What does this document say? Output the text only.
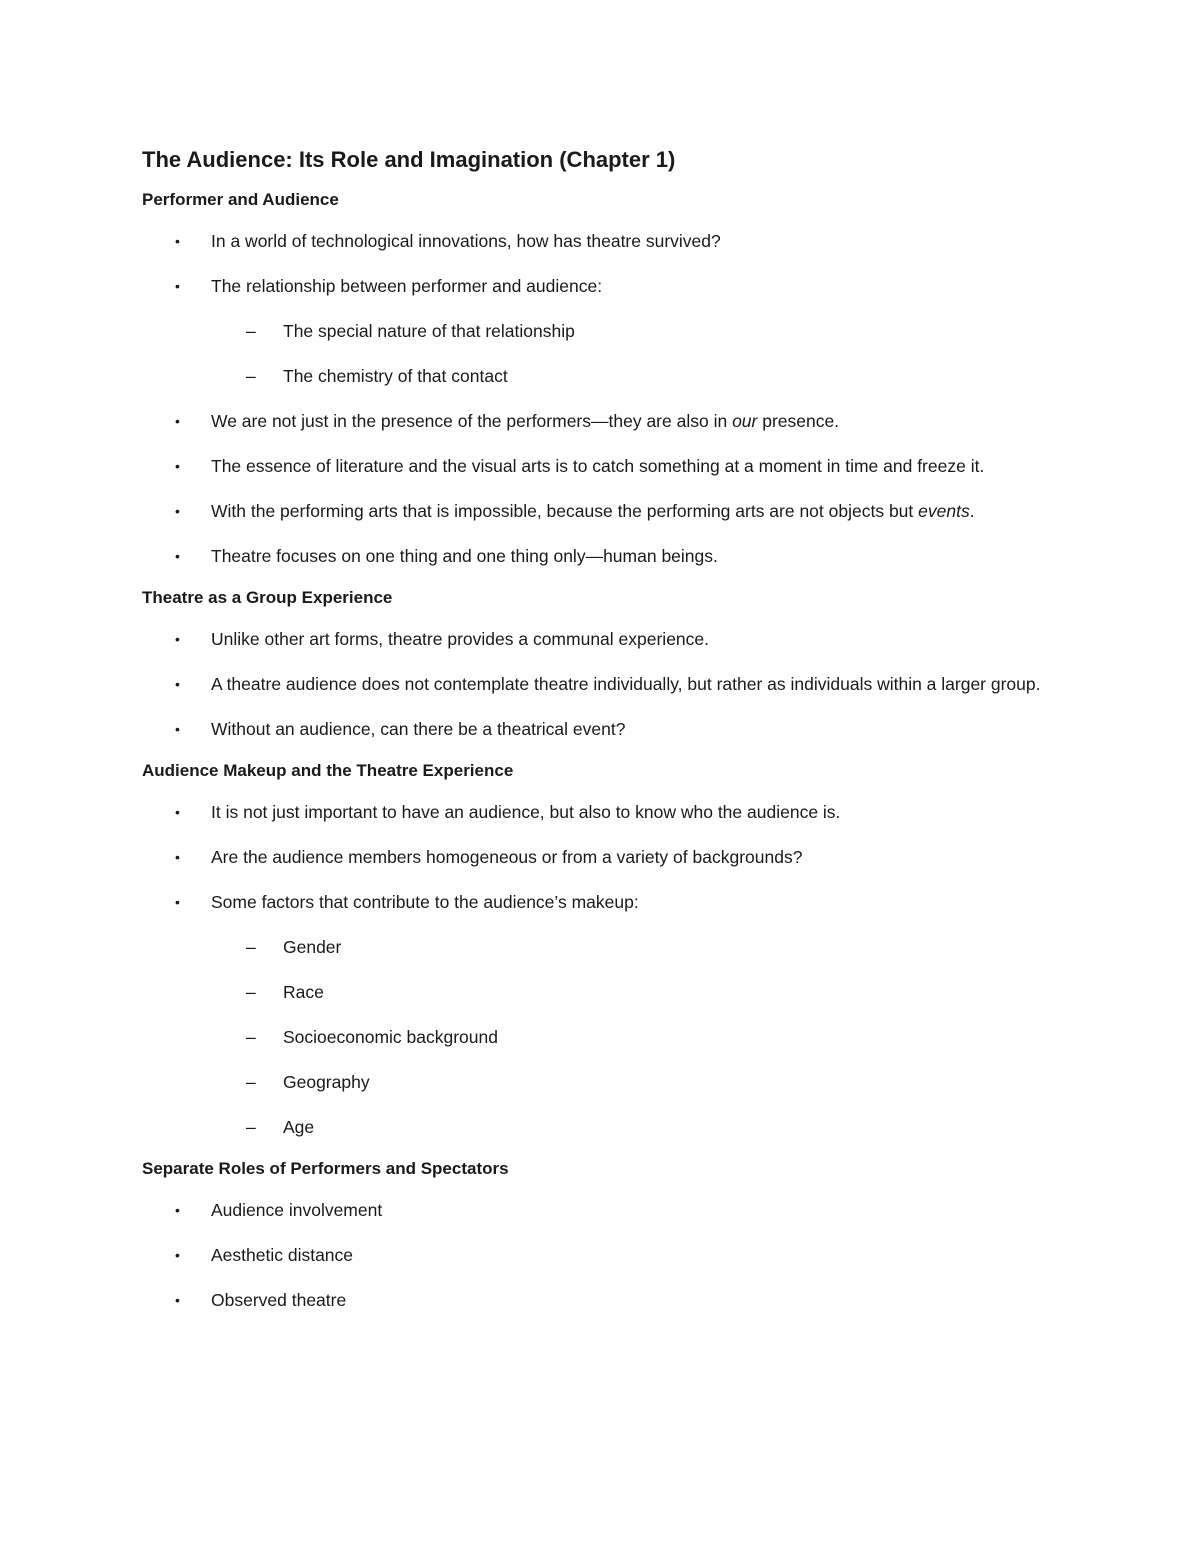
The Audience: Its Role and Imagination (Chapter 1)
Performer and Audience
• In a world of technological innovations, how has theatre survived?
• The relationship between performer and audience:
– The special nature of that relationship
– The chemistry of that contact
• We are not just in the presence of the performers—they are also in our presence.
• The essence of literature and the visual arts is to catch something at a moment in time and freeze it.
• With the performing arts that is impossible, because the performing arts are not objects but events.
• Theatre focuses on one thing and one thing only—human beings.
Theatre as a Group Experience
• Unlike other art forms, theatre provides a communal experience.
• A theatre audience does not contemplate theatre individually, but rather as individuals within a larger group.
• Without an audience, can there be a theatrical event?
Audience Makeup and the Theatre Experience
• It is not just important to have an audience, but also to know who the audience is.
• Are the audience members homogeneous or from a variety of backgrounds?
• Some factors that contribute to the audience’s makeup:
– Gender
– Race
– Socioeconomic background
– Geography
– Age
Separate Roles of Performers and Spectators
• Audience involvement
• Aesthetic distance
• Observed theatre
